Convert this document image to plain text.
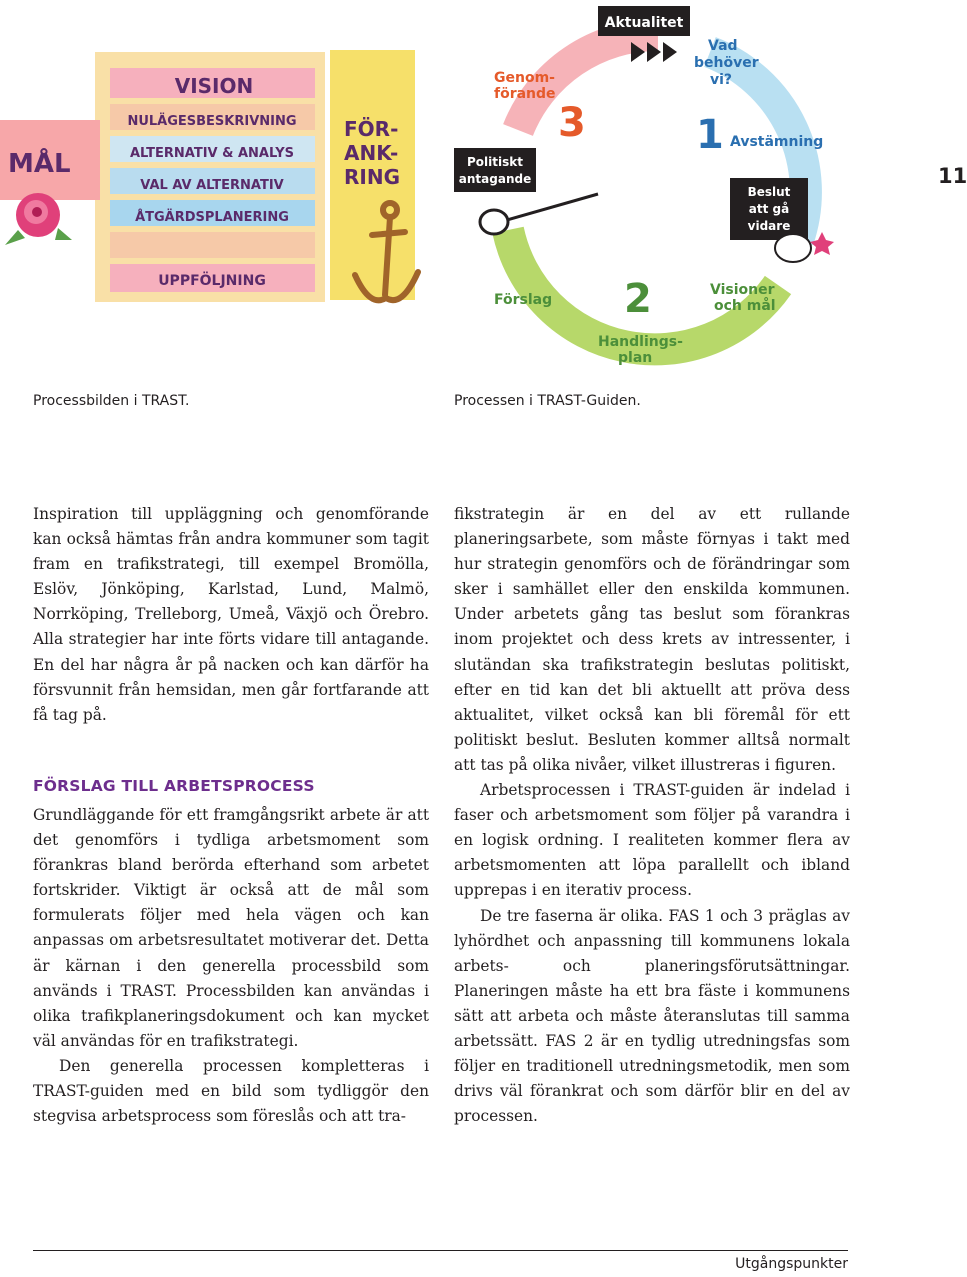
11
VISION
NULÄGESBESKRIVNING
ALTERNATIV & ANALYS
VAL AV ALTERNATIV
ÅTGÄRDSPLANERING
UPPFÖLJNING
MÅL
FÖR-
ANK-
RING
Aktualitet
Vad
behöver
vi?
1 Avstämning
Beslut
att gå
vidare
Visioner
och mål
2
Handlings-
plan
Förslag
Politiskt
antagande
3
Genom-
förande
Processbilden i TRAST.	Processen i TRAST-Guiden.

Inspiration till uppläggning och genomförande kan också hämtas från andra kommuner som tagit fram en trafikstrategi, till exempel Bromölla, Eslöv, Jönköping, Karlstad, Lund, Malmö, Norrköping, Trelleborg, Umeå, Växjö och Örebro. Alla strategier har inte förts vidare till antagande. En del har några år på nacken och kan därför ha försvunnit från hemsidan, men går fortfarande att få tag på.

FÖRSLAG TILL ARBETSPROCESS

Grundläggande för ett framgångsrikt arbete är att det genomförs i tydliga arbetsmoment som förankras bland berörda efterhand som arbetet fortskrider. Viktigt är också att de mål som formulerats följer med hela vägen och kan anpassas om arbetsresultatet motiverar det. Detta är kärnan i den generella processbild som används i TRAST. Processbilden kan användas i olika trafikplaneringsdokument och kan mycket väl användas för en trafikstrategi.

Den generella processen kompletteras i TRAST-guiden med en bild som tydliggör den stegvisa arbetsprocess som föreslås och att tra-

fikstrategin är en del av ett rullande planeringsarbete, som måste förnyas i takt med hur strategin genomförs och de förändringar som sker i samhället eller den enskilda kommunen. Under arbetets gång tas beslut som förankras inom projektet och dess krets av intressenter, i slutändan ska trafikstrategin beslutas politiskt, efter en tid kan det bli aktuellt att pröva dess aktualitet, vilket också kan bli föremål för ett politiskt beslut. Besluten kommer alltså normalt att tas på olika nivåer, vilket illustreras i figuren.

Arbetsprocessen i TRAST-guiden är indelad i faser och arbetsmoment som följer på varandra i en logisk ordning. I realiteten kommer flera av arbetsmomenten att löpa parallellt och ibland upprepas i en iterativ process.

De tre faserna är olika. FAS 1 och 3 präglas av lyhördhet och anpassning till kommunens lokala arbets- och planeringsförutsättningar. Planeringen måste ha ett bra fäste i kommunens sätt att arbeta och måste återanslutas till samma arbetssätt. FAS 2 är en tydlig utredningsfas som följer en traditionell utredningsmetodik, men som drivs väl förankrat och som därför blir en del av processen.

Utgångspunkter
